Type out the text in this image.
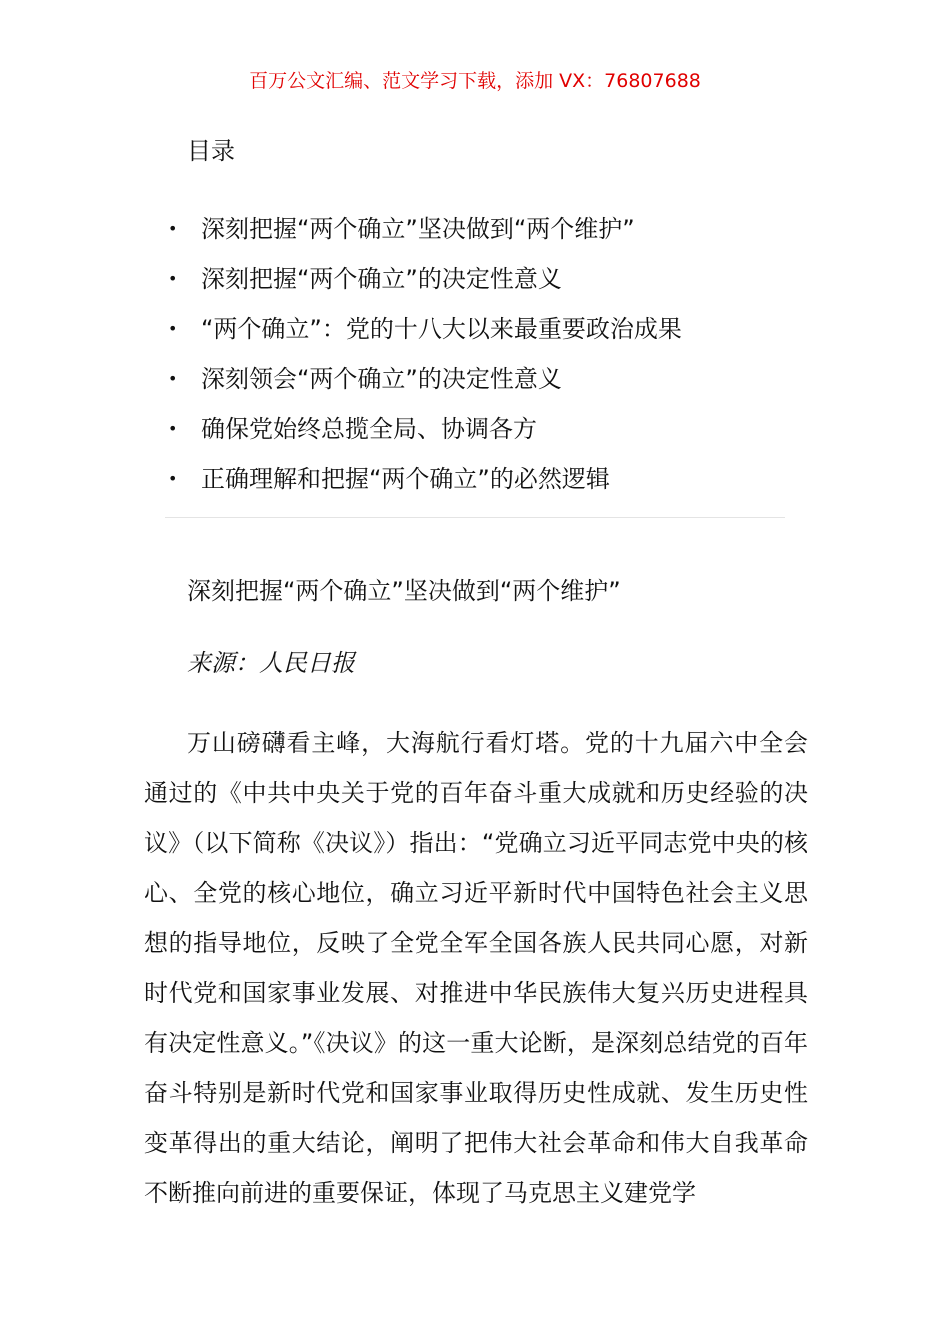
百万公文汇编、范文学习下载，添加 VX：76807688
目录
• 深刻把握“两个确立”坚决做到“两个维护”
• 深刻把握“两个确立”的决定性意义
• “两个确立”：党的十八大以来最重要政治成果
• 深刻领会“两个确立”的决定性意义
• 确保党始终总揽全局、协调各方
• 正确理解和把握“两个确立”的必然逻辑
深刻把握“两个确立”坚决做到“两个维护”
来源：人民日报

万山磅礴看主峰，大海航行看灯塔。党的十九届六中全会通过的《中共中央关于党的百年奋斗重大成就和历史经验的决议》（以下简称《决议》）指出：“党确立习近平同志党中央的核心、全党的核心地位，确立习近平新时代中国特色社会主义思想的指导地位，反映了全党全军全国各族人民共同心愿，对新时代党和国家事业发展、对推进中华民族伟大复兴历史进程具有决定性意义。”《决议》的这一重大论断，是深刻总结党的百年奋斗特别是新时代党和国家事业取得历史性成就、发生历史性变革得出的重大结论，阐明了把伟大社会革命和伟大自我革命不断推向前进的重要保证，体现了马克思主义建党学
